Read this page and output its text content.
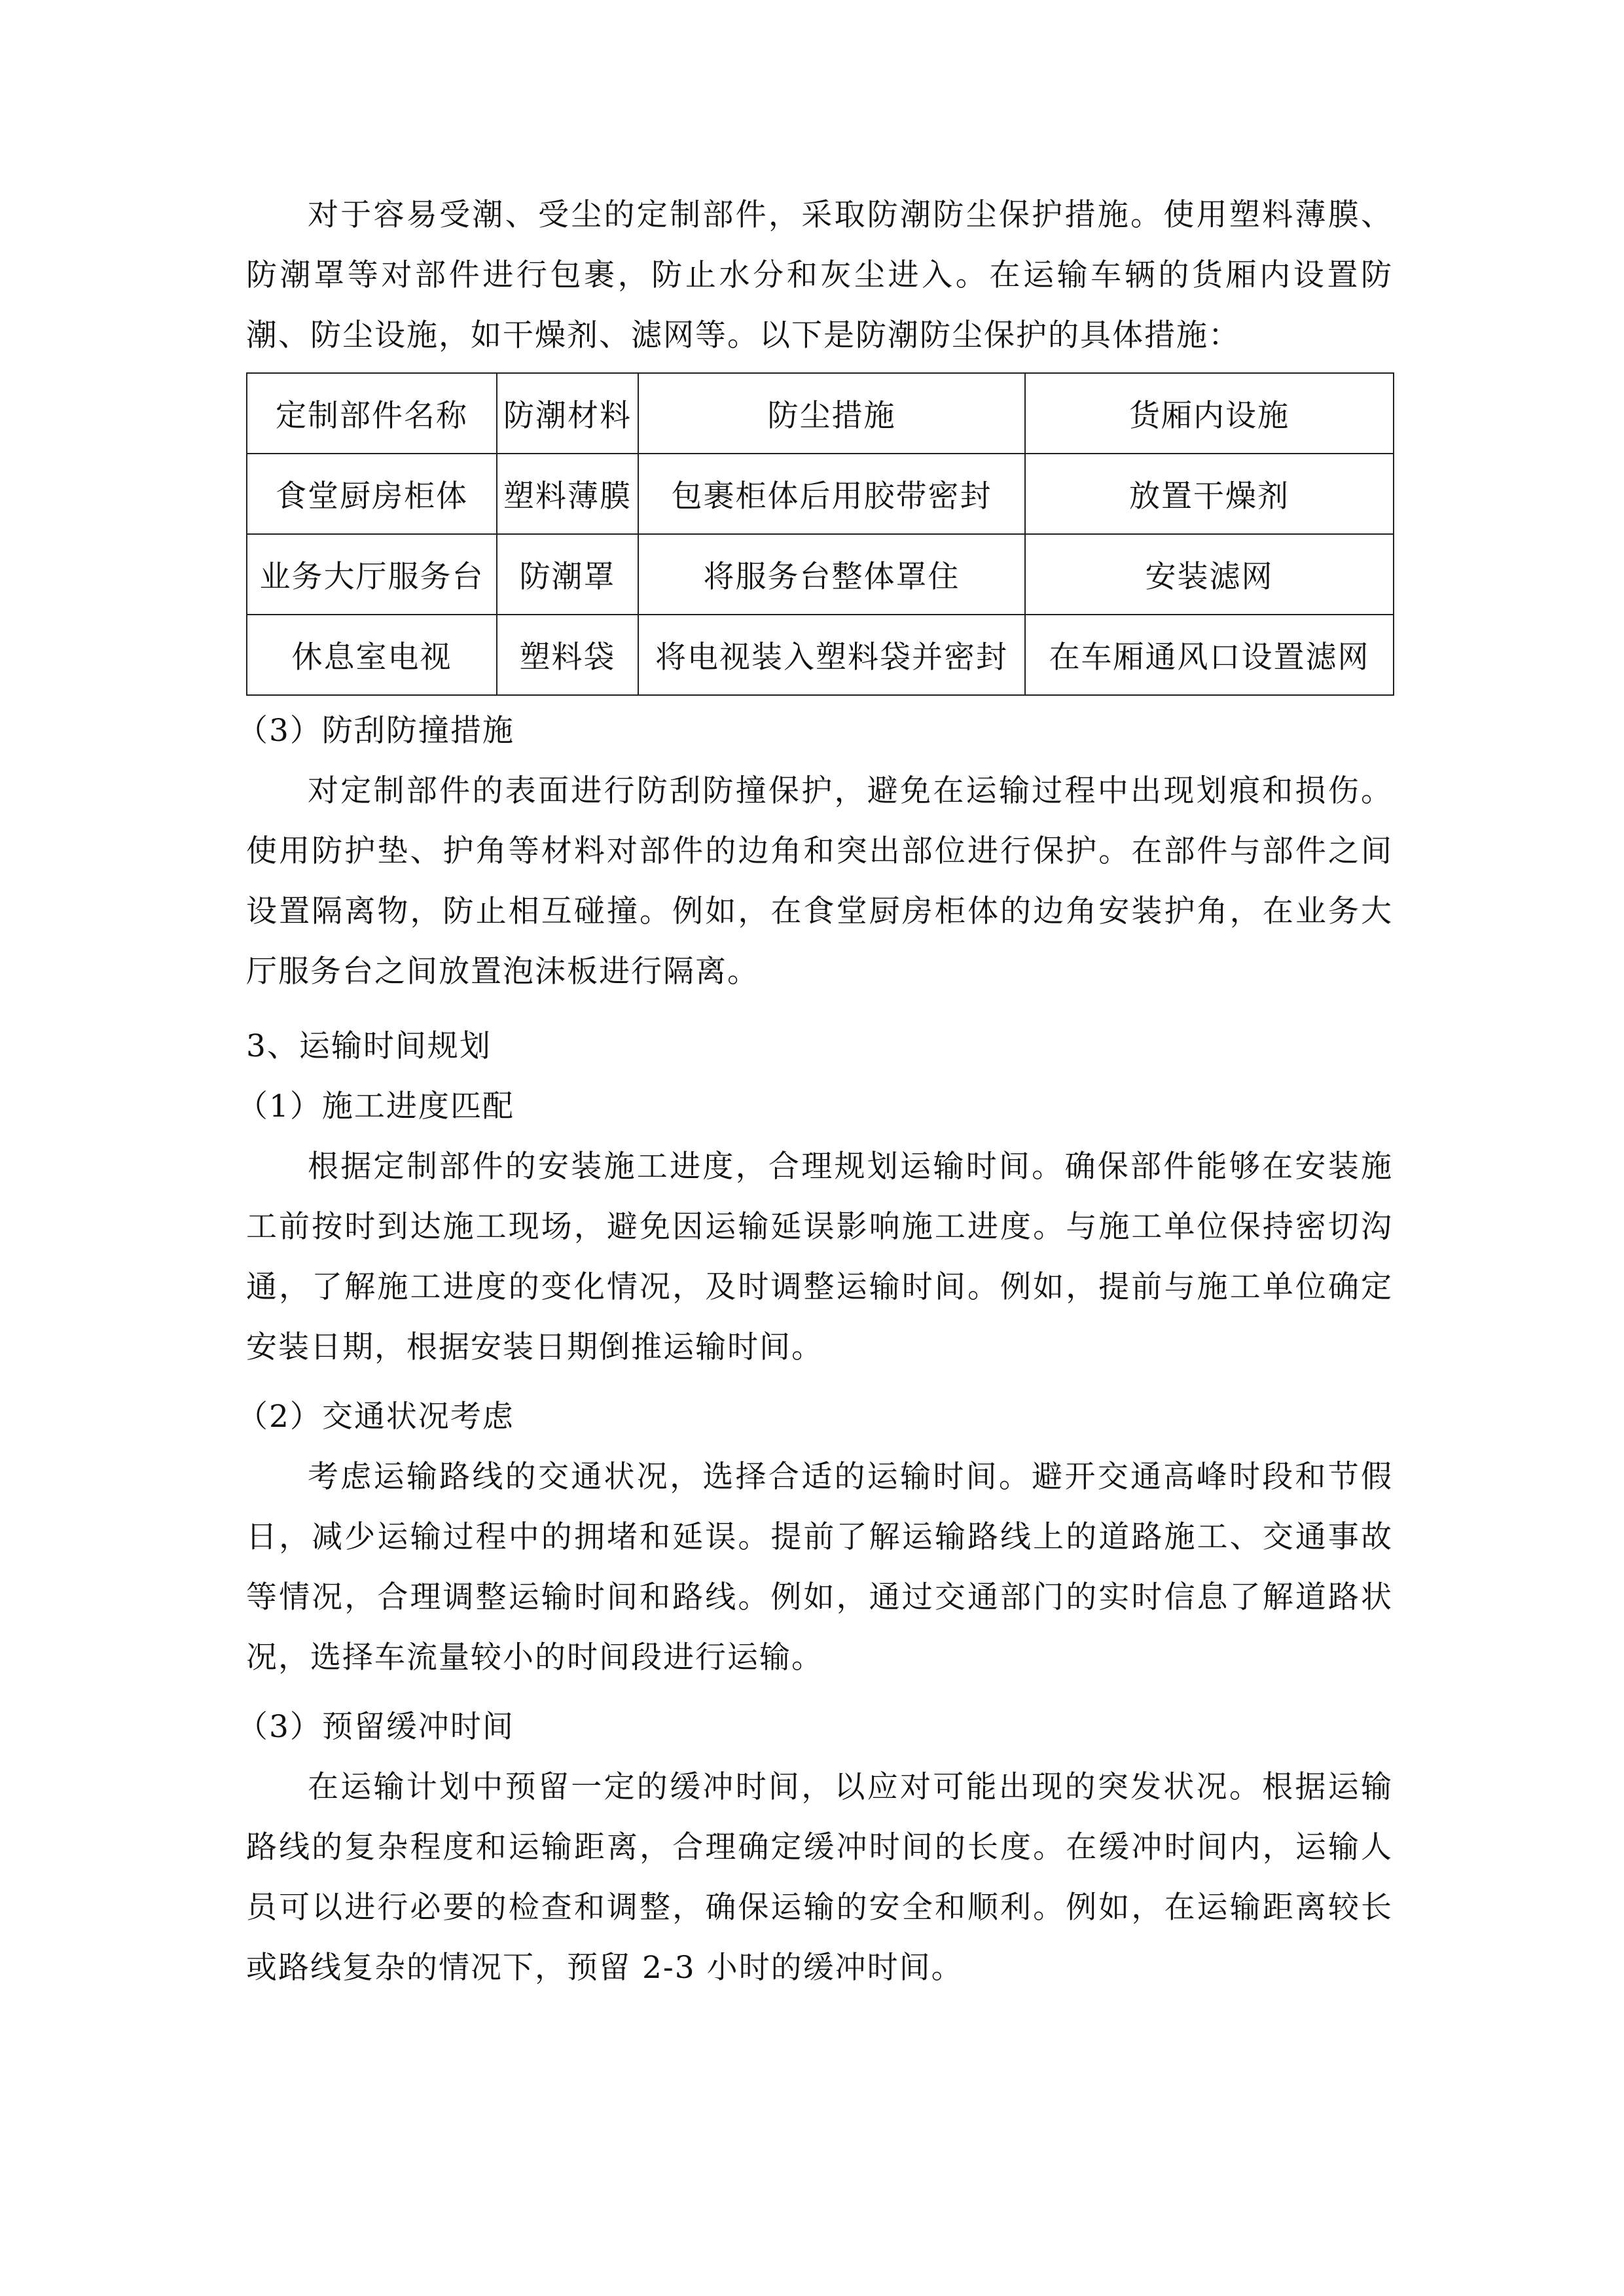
对于容易受潮、受尘的定制部件，采取防潮防尘保护措施。使用塑料薄膜、防潮罩等对部件进行包裹，防止水分和灰尘进入。在运输车辆的货厢内设置防潮、防尘设施，如干燥剂、滤网等。以下是防潮防尘保护的具体措施：

定制部件名称	防潮材料	防尘措施	货厢内设施
食堂厨房柜体	塑料薄膜	包裹柜体后用胶带密封	放置干燥剂
业务大厅服务台	防潮罩	将服务台整体罩住	安装滤网
休息室电视	塑料袋	将电视装入塑料袋并密封	在车厢通风口设置滤网

（3）防刮防撞措施

对定制部件的表面进行防刮防撞保护，避免在运输过程中出现划痕和损伤。使用防护垫、护角等材料对部件的边角和突出部位进行保护。在部件与部件之间设置隔离物，防止相互碰撞。例如，在食堂厨房柜体的边角安装护角，在业务大厅服务台之间放置泡沫板进行隔离。

3、运输时间规划

（1）施工进度匹配

根据定制部件的安装施工进度，合理规划运输时间。确保部件能够在安装施工前按时到达施工现场，避免因运输延误影响施工进度。与施工单位保持密切沟通，了解施工进度的变化情况，及时调整运输时间。例如，提前与施工单位确定安装日期，根据安装日期倒推运输时间。

（2）交通状况考虑

考虑运输路线的交通状况，选择合适的运输时间。避开交通高峰时段和节假日，减少运输过程中的拥堵和延误。提前了解运输路线上的道路施工、交通事故等情况，合理调整运输时间和路线。例如，通过交通部门的实时信息了解道路状况，选择车流量较小的时间段进行运输。

（3）预留缓冲时间

在运输计划中预留一定的缓冲时间，以应对可能出现的突发状况。根据运输路线的复杂程度和运输距离，合理确定缓冲时间的长度。在缓冲时间内，运输人员可以进行必要的检查和调整，确保运输的安全和顺利。例如，在运输距离较长或路线复杂的情况下，预留 2-3 小时的缓冲时间。
